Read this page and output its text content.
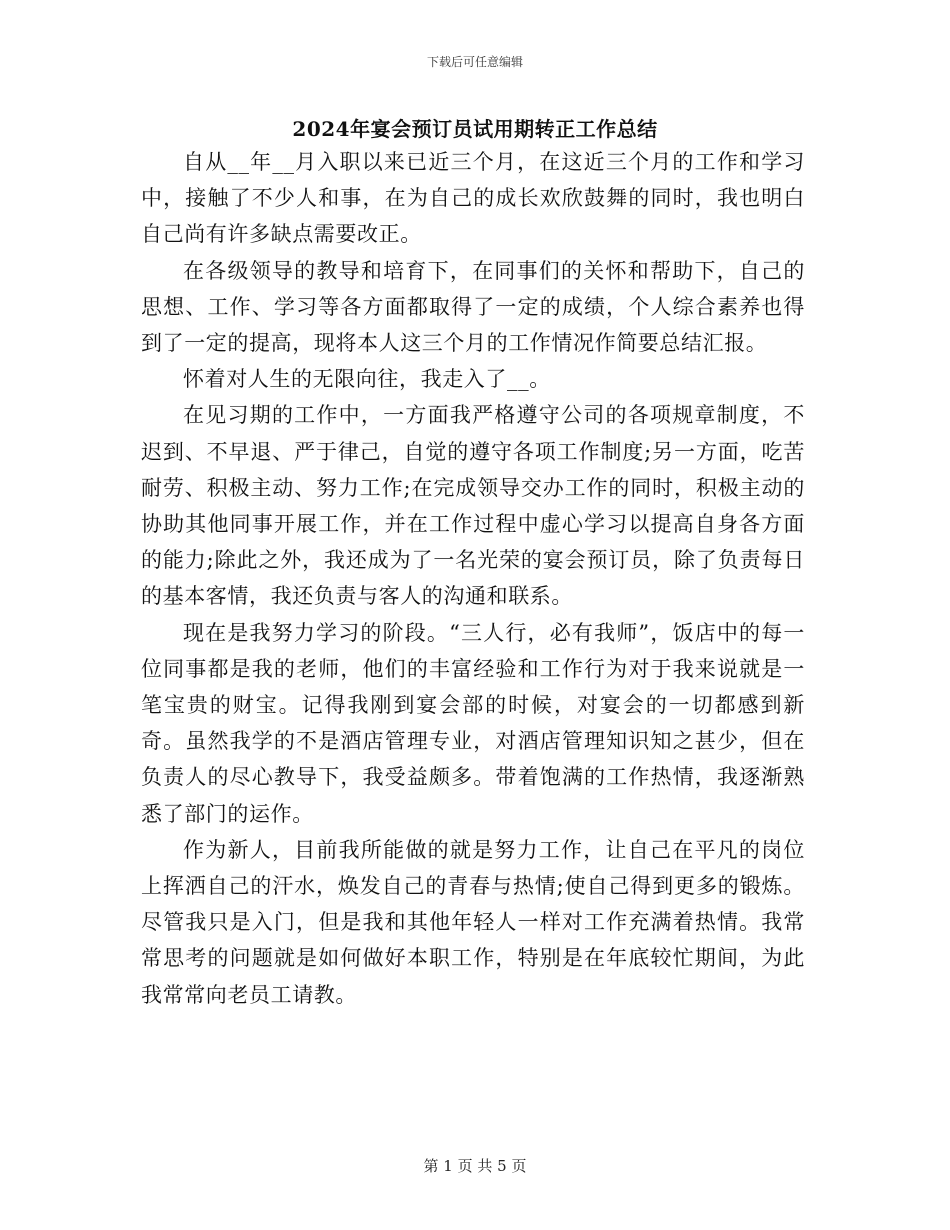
下载后可任意编辑
2024年宴会预订员试用期转正工作总结

自从__年__月入职以来已近三个月，在这近三个月的工作和学习中，接触了不少人和事，在为自己的成长欢欣鼓舞的同时，我也明白自己尚有许多缺点需要改正。

在各级领导的教导和培育下，在同事们的关怀和帮助下，自己的思想、工作、学习等各方面都取得了一定的成绩，个人综合素养也得到了一定的提高，现将本人这三个月的工作情况作简要总结汇报。

怀着对人生的无限向往，我走入了__。

在见习期的工作中，一方面我严格遵守公司的各项规章制度，不迟到、不早退、严于律己，自觉的遵守各项工作制度;另一方面，吃苦耐劳、积极主动、努力工作;在完成领导交办工作的同时，积极主动的协助其他同事开展工作，并在工作过程中虚心学习以提高自身各方面的能力;除此之外，我还成为了一名光荣的宴会预订员，除了负责每日的基本客情，我还负责与客人的沟通和联系。

现在是我努力学习的阶段。“三人行，必有我师”，饭店中的每一位同事都是我的老师，他们的丰富经验和工作行为对于我来说就是一笔宝贵的财宝。记得我刚到宴会部的时候，对宴会的一切都感到新奇。虽然我学的不是酒店管理专业，对酒店管理知识知之甚少，但在负责人的尽心教导下，我受益颇多。带着饱满的工作热情，我逐渐熟悉了部门的运作。

作为新人，目前我所能做的就是努力工作，让自己在平凡的岗位上挥洒自己的汗水，焕发自己的青春与热情;使自己得到更多的锻炼。尽管我只是入门，但是我和其他年轻人一样对工作充满着热情。我常常思考的问题就是如何做好本职工作，特别是在年底较忙期间，为此我常常向老员工请教。

第 1 页 共 5 页
